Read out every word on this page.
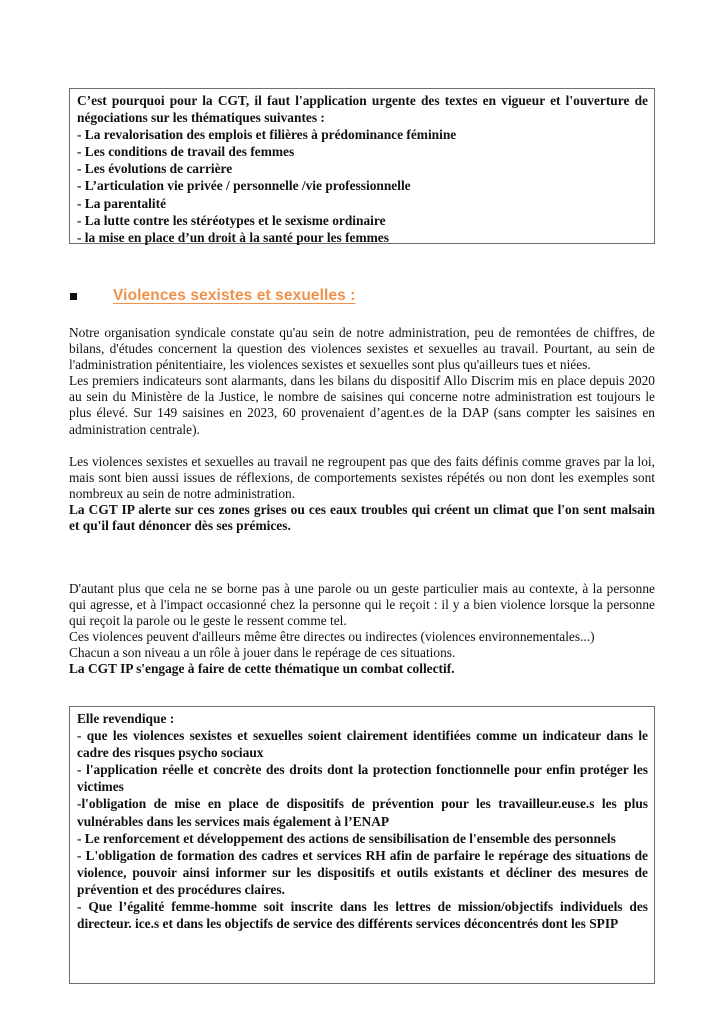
C’est pourquoi pour la CGT, il faut l'application urgente des textes en vigueur et l'ouverture de négociations sur les thématiques suivantes :

- La revalorisation des emplois et filières à prédominance féminine

- Les conditions de travail des femmes

- Les évolutions de carrière

- L’articulation vie privée / personnelle /vie professionnelle

- La parentalité

- La lutte contre les stéréotypes et le sexisme ordinaire

- la mise en place d’un droit à la santé pour les femmes

Violences sexistes et sexuelles :

Notre organisation syndicale constate qu'au sein de notre administration, peu de remontées de chiffres, de bilans, d'études concernent la question des violences sexistes et sexuelles au travail. Pourtant, au sein de l'administration pénitentiaire, les violences sexistes et sexuelles sont plus qu'ailleurs tues et niées.

Les premiers indicateurs sont alarmants, dans les bilans du dispositif Allo Discrim mis en place depuis 2020 au sein du Ministère de la Justice, le nombre de saisines qui concerne notre administration est toujours le plus élevé. Sur 149 saisines en 2023, 60 provenaient d’agent.es de la DAP (sans compter les saisines en administration centrale).

Les violences sexistes et sexuelles au travail ne regroupent pas que des faits définis comme graves par la loi, mais sont bien aussi issues de réflexions, de comportements sexistes répétés ou non dont les exemples sont nombreux au sein de notre administration.

La CGT IP alerte sur ces zones grises ou ces eaux troubles qui créent un climat que l'on sent malsain et qu'il faut dénoncer dès ses prémices.

D'autant plus que cela ne se borne pas à une parole ou un geste particulier mais au contexte, à la personne qui agresse, et à l'impact occasionné chez la personne qui le reçoit : il y a bien violence lorsque la personne qui reçoit la parole ou le geste le ressent comme tel.

Ces violences peuvent d'ailleurs même être directes ou indirectes (violences environnementales...)

Chacun a son niveau a un rôle à jouer dans le repérage de ces situations.

La CGT IP s'engage à faire de cette thématique un combat collectif.

Elle revendique :

- que les violences sexistes et sexuelles soient clairement identifiées comme un indicateur dans le cadre des risques psycho sociaux

- l'application réelle et concrète des droits dont la protection fonctionnelle pour enfin protéger les victimes

-l'obligation de mise en place de dispositifs de prévention pour les travailleur.euse.s les plus vulnérables dans les services mais également à l’ENAP

- Le renforcement et développement des actions de sensibilisation de l'ensemble des personnels

- L'obligation de formation des cadres et services RH afin de parfaire le repérage des situations de violence, pouvoir ainsi informer sur les dispositifs et outils existants et décliner des mesures de prévention et des procédures claires.

- Que l’égalité femme-homme soit inscrite dans les lettres de mission/objectifs individuels des directeur. ice.s et dans les objectifs de service des différents services déconcentrés dont les SPIP
